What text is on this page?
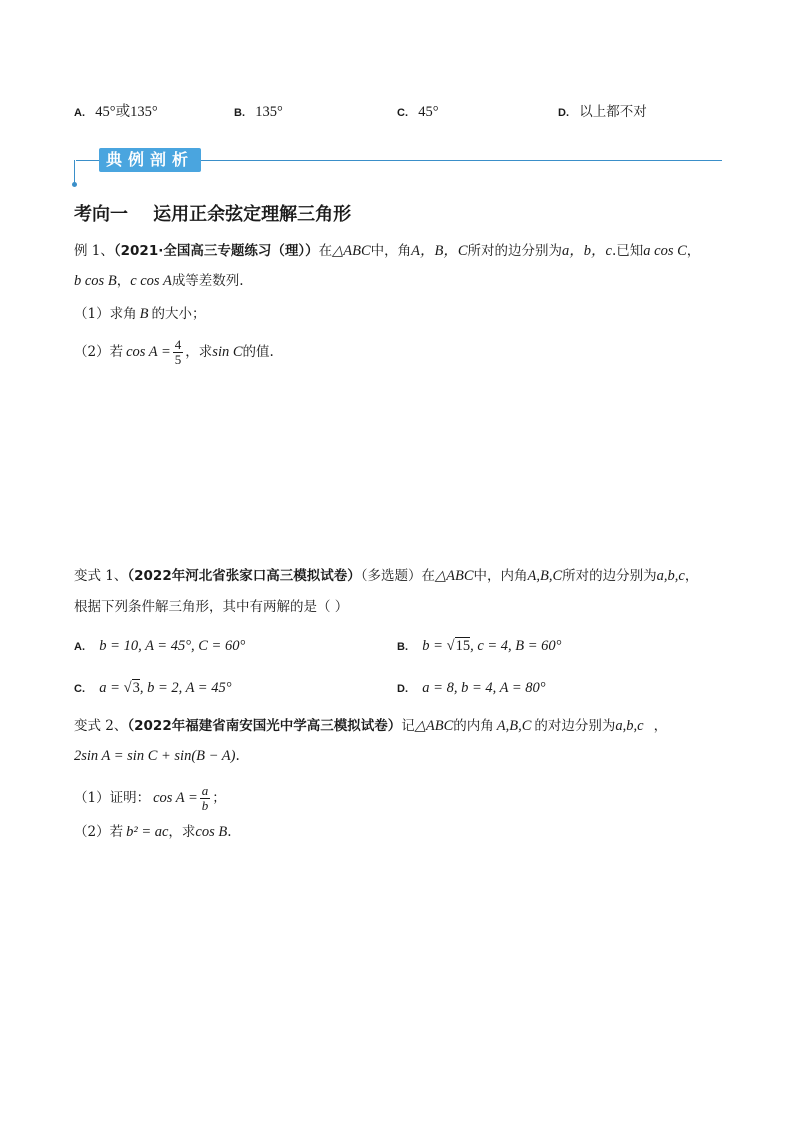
A. 45°或135°	B. 135°	C. 45°	D. 以上都不对
典例剖析
考向一    运用正余弦定理解三角形
例 1、（2021·全国高三专题练习（理））在△ABC中，角A，B，C所对的边分别为a，b，c.已知a cos C，
b cos B，c cos A成等差数列.
（1）求角 B 的大小；
（2）若 $\cos A = \frac{4}{5}$ ，求sin C的值.
变式 1、（2022年河北省张家口高三模拟试卷）（多选题）在△ABC中，内角A,B,C所对的边分别为a,b,c，
根据下列条件解三角形，其中有两解的是（ ）
A. b = 10, A = 45°, C = 60°	B. b = √15, c = 4, B = 60°
C. a = √3, b = 2, A = 45°	D. a = 8, b = 4, A = 80°
变式 2、（2022年福建省南安国光中学高三模拟试卷）记△ABC的内角 A,B,C 的对边分别为a,b,c ，
2sin A = sin C + sin(B − A).
（1）证明： $\cos A = \frac{a}{b}$ ；
（2）若 b² = ac，求cos B.
